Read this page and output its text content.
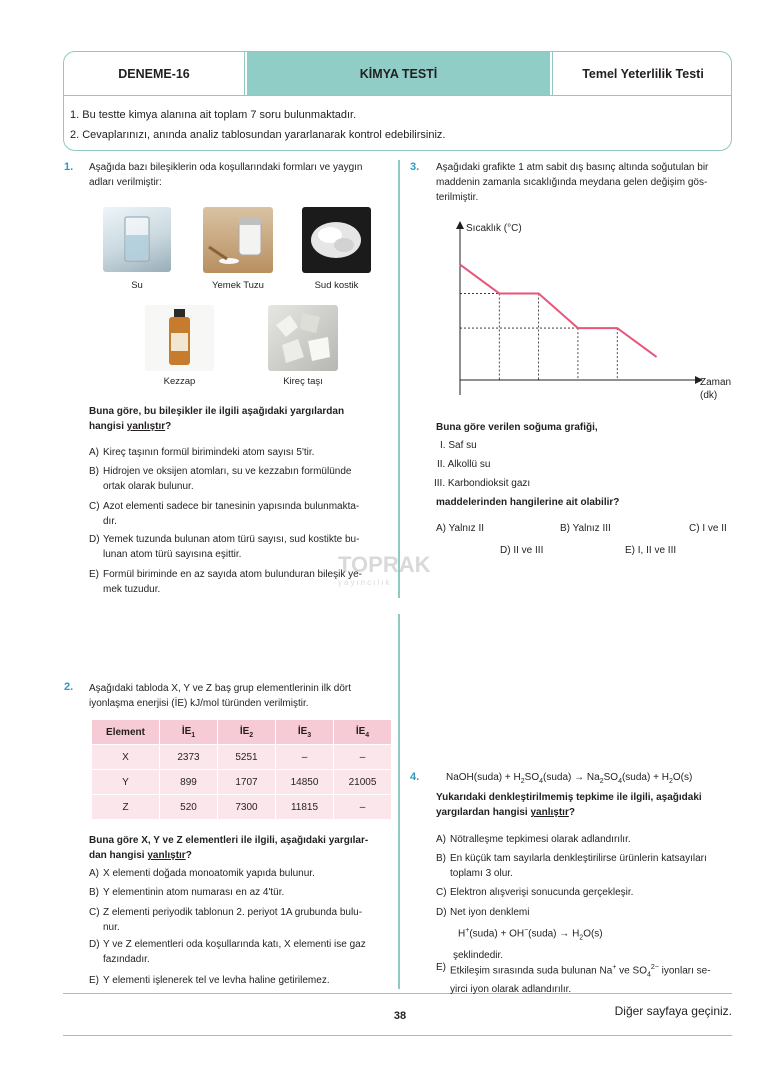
DENEME-16	KİMYA TESTİ	Temel Yeterlilik Testi
1. Bu testte kimya alanına ait toplam 7 soru bulunmaktadır.
2. Cevaplarınızı, anında analiz tablosundan yararlanarak kontrol edebilirsiniz.
1. Aşağıda bazı bileşiklerin oda koşullarındaki formları ve yaygın
adları verilmiştir:
Su	Yemek Tuzu	Sud kostik
Kezzap	Kireç taşı
Buna göre, bu bileşikler ile ilgili aşağıdaki yargılardan
hangisi yanlıştır?
A) Kireç taşının formül birimindeki atom sayısı 5'tir.
B) Hidrojen ve oksijen atomları, su ve kezzabın formülünde
ortak olarak bulunur.
C) Azot elementi sadece bir tanesinin yapısında bulunmakta-
dır.
D) Yemek tuzunda bulunan atom türü sayısı, sud kostikte bu-
lunan atom türü sayısına eşittir.
E) Formül biriminde en az sayıda atom bulunduran bileşik ye-
mek tuzudur.
TOPRAK
yayıncılık
2. Aşağıdaki tabloda X, Y ve Z baş grup elementlerinin ilk dört
iyonlaşma enerjisi (İE) kJ/mol türünden verilmiştir.
Element	$İE_1$	$İE_2$	$İE_3$	$İE_4$
X	2373	5251	–	–
Y	899	1707	14850	21005
Z	520	7300	11815	–
Buna göre X, Y ve Z elementleri ile ilgili, aşağıdaki yargılar-
dan hangisi yanlıştır?
A) X elementi doğada monoatomik yapıda bulunur.
B) Y elementinin atom numarası en az 4'tür.
C) Z elementi periyodik tablonun 2. periyot 1A grubunda bulu-
nur.
D) Y ve Z elementleri oda koşullarında katı, X elementi ise gaz
fazındadır.
E) Y elementi işlenerek tel ve levha haline getirilemez.
3. Aşağıdaki grafikte 1 atm sabit dış basınç altında soğutulan bir
maddenin zamanla sıcaklığında meydana gelen değişim gös-
terilmiştir.
Sıcaklık (°C)
Zaman
(dk)
Buna göre verilen soğuma grafiği,
I. Saf su
II. Alkollü su
III. Karbondioksit gazı
maddelerinden hangilerine ait olabilir?
A) Yalnız II	B) Yalnız III	C) I ve II
D) II ve III	E) I, II ve III
4.	NaOH(suda) + $H_2SO_4(suda)$ → $Na_2SO_4(suda) + H_2O(s)$
Yukarıdaki denkleştirilmemiş tepkime ile ilgili, aşağıdaki
yargılardan hangisi yanlıştır?
A) Nötralleşme tepkimesi olarak adlandırılır.
B) En küçük tam sayılarla denkleştirilirse ürünlerin katsayıları
toplamı 3 olur.
C) Elektron alışverişi sonucunda gerçekleşir.
D) Net iyon denklemi
H+(suda) + OH−(suda) → $H_2O(s)$
şeklindedir.
E) Etkileşim sırasında suda bulunan Na+ ve $SO_4^{2-}$ iyonları se-
yirci iyon olarak adlandırılır.
38	Diğer sayfaya geçiniz.
